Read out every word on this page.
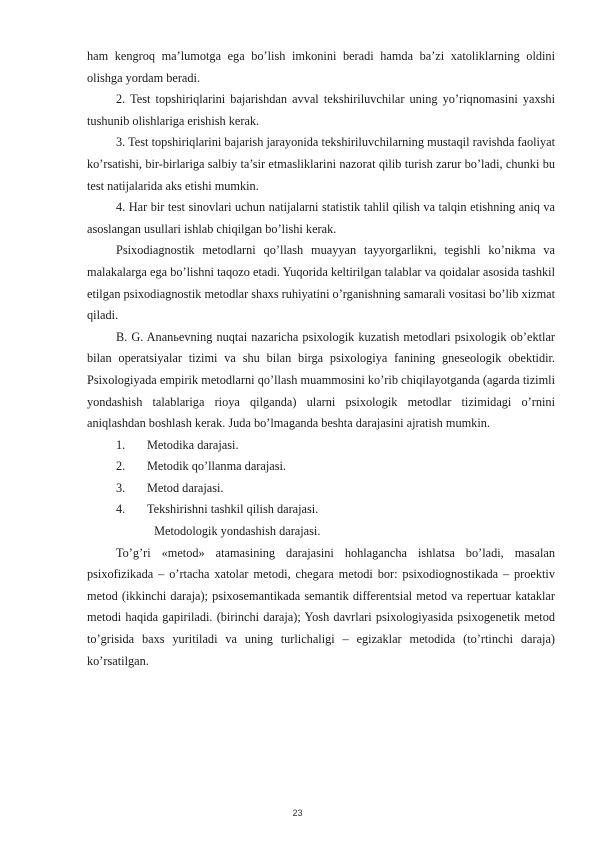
ham kengroq ma’lumotga ega bo’lish imkonini beradi hamda ba’zi xatoliklarning oldini olishga yordam beradi.

2. Test topshiriqlarini bajarishdan avval tekshiriluvchilar uning yo’riqnomasini yaxshi tushunib olishlariga erishish kerak.

3. Test topshiriqlarini bajarish jarayonida tekshiriluvchilarning mustaqil ravishda faoliyat ko’rsatishi, bir-birlariga salbiy ta’sir etmasliklarini nazorat qilib turish zarur bo’ladi, chunki bu test natijalarida aks etishi mumkin.

4. Har bir test sinovlari uchun natijalarni statistik tahlil qilish va talqin etishning aniq va asoslangan usullari ishlab chiqilgan bo’lishi kerak.

Psixodiagnostik metodlarni qo’llash muayyan tayyorgarlikni, tegishli ko’nikma va malakalarga ega bo’lishni taqozo etadi. Yuqorida keltirilgan talablar va qoidalar asosida tashkil etilgan psixodiagnostik metodlar shaxs ruhiyatini o’rganishning samarali vositasi bo’lib xizmat qiladi.

B. G. Ananьevning nuqtai nazaricha psixologik kuzatish metodlari psixologik ob’ektlar bilan operatsiyalar tizimi va shu bilan birga psixologiya fanining gneseologik obektidir. Psixologiyada empirik metodlarni qo’llash muammosini ko’rib chiqilayotganda (agarda tizimli yondashish talablariga rioya qilganda) ularni psixologik metodlar tizimidagi o’rnini aniqlashdan boshlash kerak. Juda bo’lmaganda beshta darajasini ajratish mumkin.

1.	Metodika darajasi.
2.	Metodik qo’llanma darajasi.
3.	Metod darajasi.
4.	Tekshirishni tashkil qilish darajasi.
Metodologik yondashish darajasi.

To’g’ri «metod» atamasining darajasini hohlagancha ishlatsa bo’ladi, masalan psixofizikada – o’rtacha xatolar metodi, chegara metodi bor: psixodiognostikada – proektiv metod (ikkinchi daraja); psixosemantikada semantik differentsial metod va repertuar kataklar metodi haqida gapiriladi. (birinchi daraja); Yosh davrlari psixologiyasida psixogenetik metod to’grisida baxs yuritiladi va uning turlichaligi – egizaklar metodida (to’rtinchi daraja) ko’rsatilgan.

23
